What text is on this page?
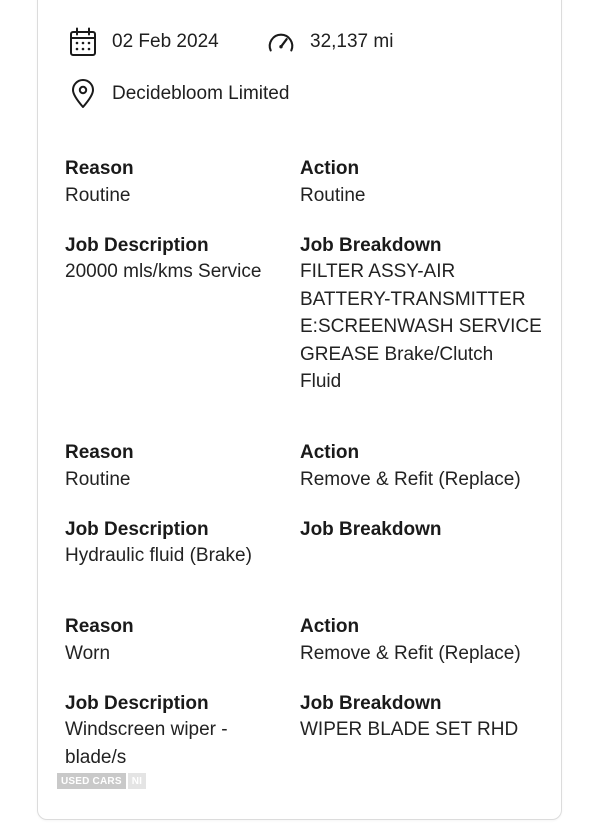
02 Feb 2024	32,137 mi
Decidebloom Limited
Reason
Routine
Action
Routine
Job Description
20000 mls/kms Service
Job Breakdown
FILTER ASSY-AIR
BATTERY-TRANSMITTER
E:SCREENWASH SERVICE
GREASE Brake/Clutch
Fluid
Reason
Routine
Action
Remove & Refit (Replace)
Job Description
Hydraulic fluid (Brake)
Job Breakdown
Reason
Worn
Action
Remove & Refit (Replace)
Job Description
Windscreen wiper -
blade/s
Job Breakdown
WIPER BLADE SET RHD
USED CARS	NI
